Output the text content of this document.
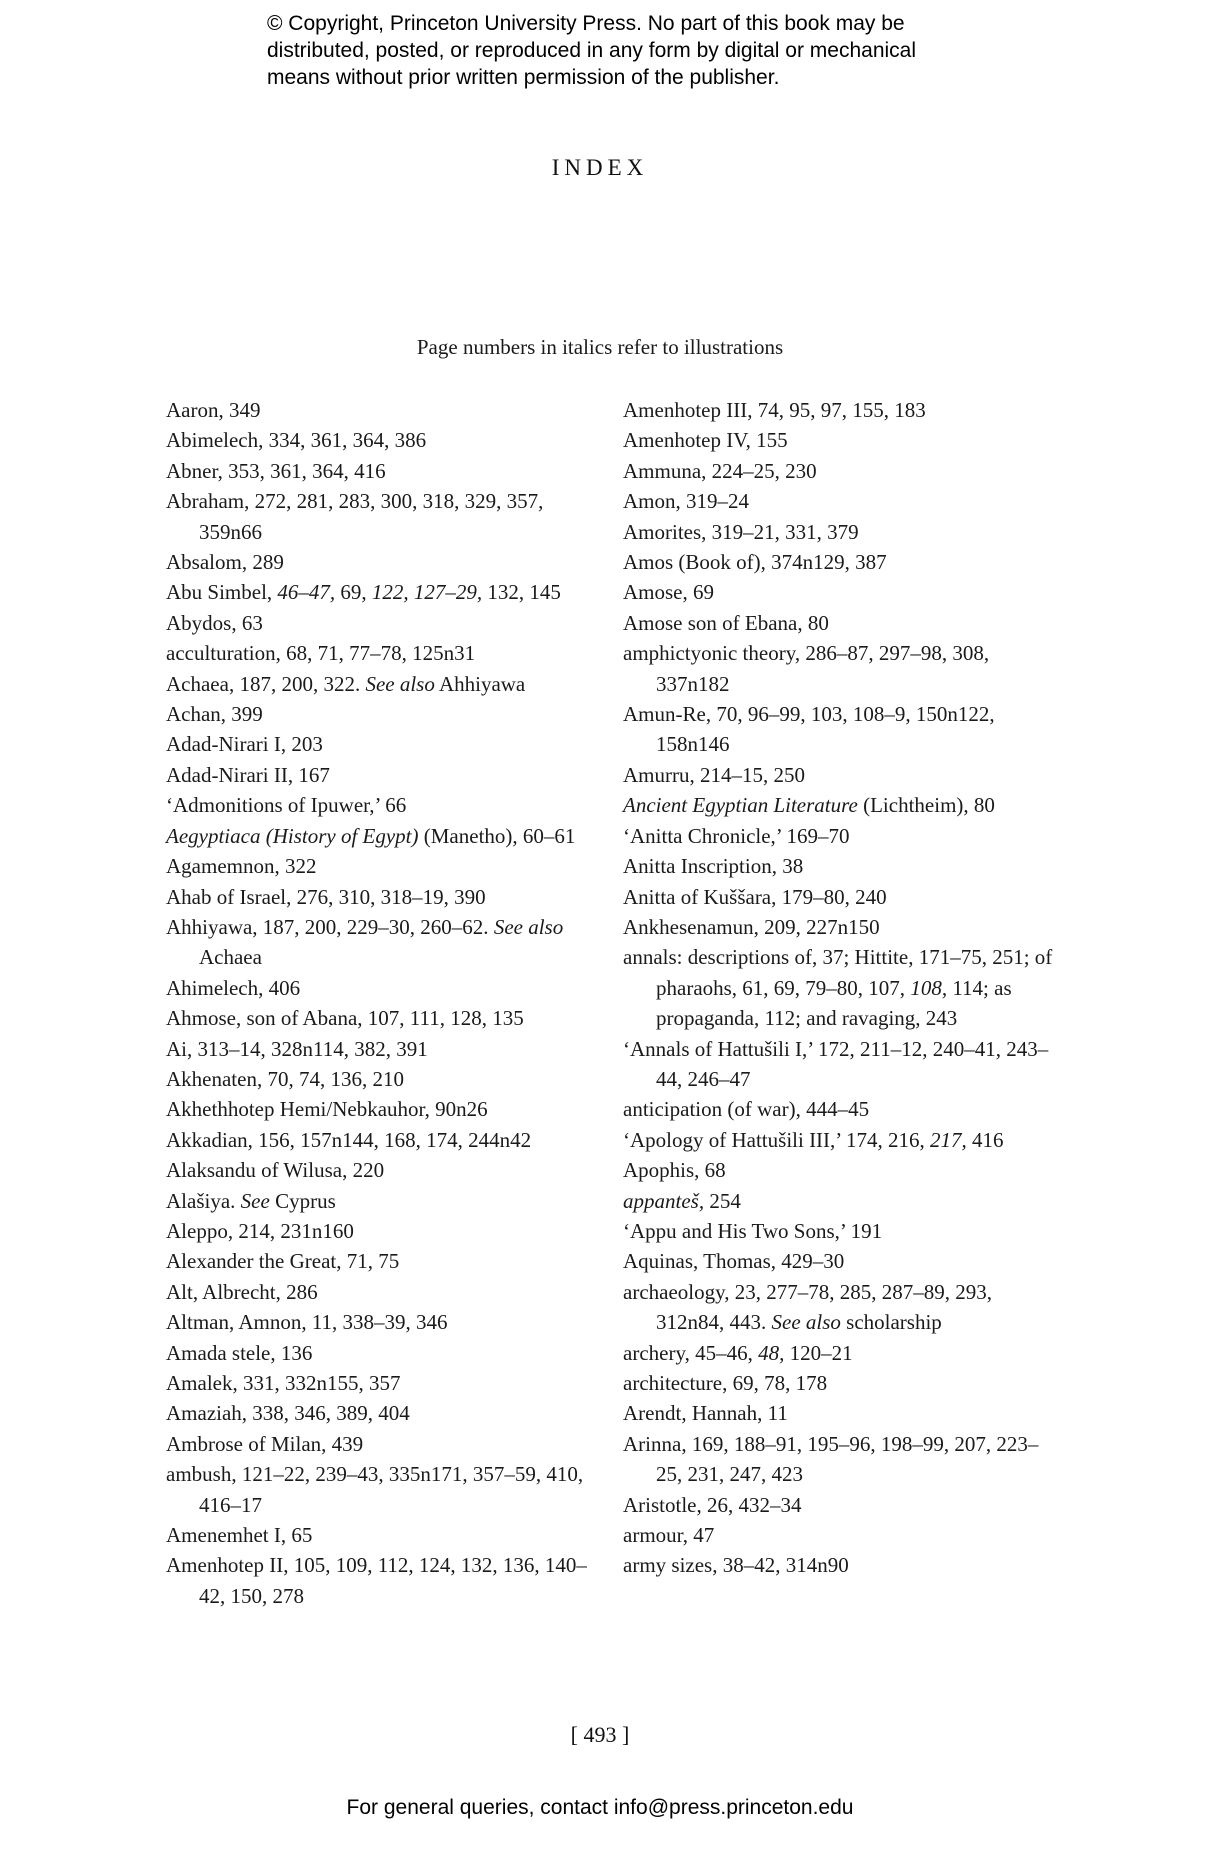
© Copyright, Princeton University Press. No part of this book may be
distributed, posted, or reproduced in any form by digital or mechanical
means without prior written permission of the publisher.
INDEX
Page numbers in italics refer to illustrations

Aaron, 349

Abimelech, 334, 361, 364, 386

Abner, 353, 361, 364, 416

Abraham, 272, 281, 283, 300, 318, 329, 357, 359n66

Absalom, 289

Abu Simbel, 46–47, 69, 122, 127–29, 132, 145

Abydos, 63

acculturation, 68, 71, 77–78, 125n31

Achaea, 187, 200, 322. See also Ahhiyawa

Achan, 399

Adad-Nirari I, 203

Adad-Nirari II, 167

‘Admonitions of Ipuwer,’ 66

Aegyptiaca (History of Egypt) (Manetho), 60–61

Agamemnon, 322

Ahab of Israel, 276, 310, 318–19, 390

Ahhiyawa, 187, 200, 229–30, 260–62. See also Achaea

Ahimelech, 406

Ahmose, son of Abana, 107, 111, 128, 135

Ai, 313–14, 328n114, 382, 391

Akhenaten, 70, 74, 136, 210

Akhethhotep Hemi/Nebkauhor, 90n26

Akkadian, 156, 157n144, 168, 174, 244n42

Alaksandu of Wilusa, 220

Alašiya. See Cyprus

Aleppo, 214, 231n160

Alexander the Great, 71, 75

Alt, Albrecht, 286

Altman, Amnon, 11, 338–39, 346

Amada stele, 136

Amalek, 331, 332n155, 357

Amaziah, 338, 346, 389, 404

Ambrose of Milan, 439

ambush, 121–22, 239–43, 335n171, 357–59, 410, 416–17

Amenemhet I, 65

Amenhotep II, 105, 109, 112, 124, 132, 136, 140–42, 150, 278

Amenhotep III, 74, 95, 97, 155, 183

Amenhotep IV, 155

Ammuna, 224–25, 230

Amon, 319–24

Amorites, 319–21, 331, 379

Amos (Book of), 374n129, 387

Amose, 69

Amose son of Ebana, 80

amphictyonic theory, 286–87, 297–98, 308, 337n182

Amun-Re, 70, 96–99, 103, 108–9, 150n122, 158n146

Amurru, 214–15, 250

Ancient Egyptian Literature (Lichtheim), 80

‘Anitta Chronicle,’ 169–70

Anitta Inscription, 38

Anitta of Kuššara, 179–80, 240

Ankhesenamun, 209, 227n150

annals: descriptions of, 37; Hittite, 171–75, 251; of pharaohs, 61, 69, 79–80, 107, 108, 114; as propaganda, 112; and ravaging, 243

‘Annals of Hattušili I,’ 172, 211–12, 240–41, 243–44, 246–47

anticipation (of war), 444–45

‘Apology of Hattušili III,’ 174, 216, 217, 416

Apophis, 68

appanteš, 254

‘Appu and His Two Sons,’ 191

Aquinas, Thomas, 429–30

archaeology, 23, 277–78, 285, 287–89, 293, 312n84, 443. See also scholarship

archery, 45–46, 48, 120–21

architecture, 69, 78, 178

Arendt, Hannah, 11

Arinna, 169, 188–91, 195–96, 198–99, 207, 223–25, 231, 247, 423

Aristotle, 26, 432–34

armour, 47

army sizes, 38–42, 314n90

[ 493 ]
For general queries, contact info@press.princeton.edu
